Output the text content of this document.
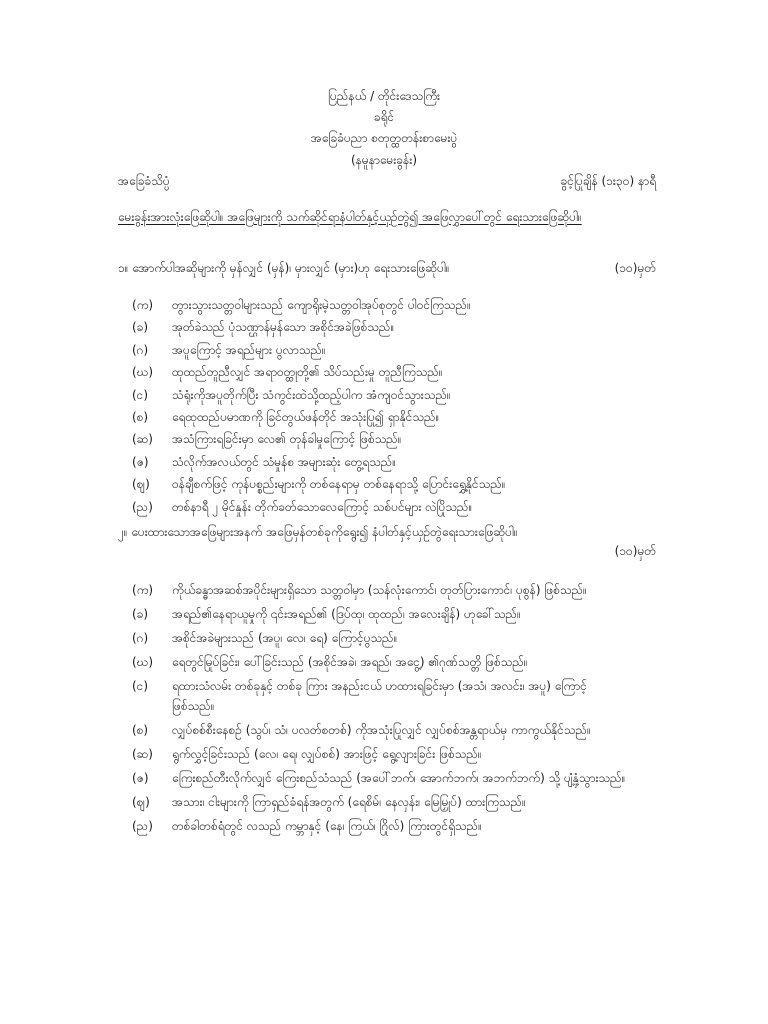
ပြည်နယ် / တိုင်းဒေသကြီး
ခရိုင်
အခြေခံပညာ စတုတ္ထတန်းစာမေးပွဲ
(နမူနာမေးခွန်း)
အခြေခံသိပ္ပံ	ခွင့်ပြုချိန် (၁း၃၀) နာရီ
မေးခွန်းအားလုံးဖြေဆိုပါ။ အဖြေများကို သက်ဆိုင်ရာနံပါတ်နှင့်ယှဉ်တွဲ၍ အဖြေလွှာပေါ်တွင် ရေးသားဖြေဆိုပါ။
၁။ အောက်ပါအဆိုများကို မှန်လျှင် (မှန်)၊ မှားလျှင် (မှား)ဟု ရေးသားဖြေဆိုပါ။	(၁၀)မှတ်
(က)	တွားသွားသတ္တဝါများသည် ကျောရိုးမဲ့သတ္တဝါအုပ်စုတွင် ပါဝင်ကြသည်။
(ခ)	အုတ်ခဲသည် ပုံသဏ္ဌာန်မှန်သော အစိုင်အခဲဖြစ်သည်။
(ဂ)	အပူကြောင့် အရည်များ ပွလာသည်။
(ဃ)	ထုထည်တူညီလျှင် အရာဝတ္ထုတို့၏ သိပ်သည်းမှု တူညီကြသည်။
(င)	သံရုံးကိုအပူတိုက်ပြီး သံကွင်းထဲသို့ထည့်ပါက အံကျဝင်သွားသည်။
(စ)	ရေထုထည်ပမာဏကို ခြင်တွယ်ဖန်တိုင် အသုံးပြု၍ ရှာနိုင်သည်။
(ဆ)	အသံကြားရခြင်းမှာ လေ၏ တုန်ခါမှုကြောင့် ဖြစ်သည်။
(ဇ)	သံလိုက်အလယ်တွင် သံမှုန်စ အများဆုံး တွေ့ရသည်။
(ဈ)	ဝန်ချီစက်ဖြင့် ကုန်ပစ္စည်းများကို တစ်နေရာမှ တစ်နေရာသို့ ပြောင်းရွှေ့နိုင်သည်။
(ည)	တစ်နာရီ ၂ မိုင်နှုန်း တိုက်ခတ်သောလေကြောင့် သစ်ပင်များ လဲပြိုသည်။
၂။ ပေးထားသောအဖြေများအနက် အဖြေမှန်တစ်ခုကိုရွေး၍ နံပါတ်နှင့်ယှဉ်တွဲရေးသားဖြေဆိုပါ။
(၁၀)မှတ်
(က)	ကိုယ်ခန္ဓာအဆစ်အပိုင်းများရှိသော သတ္တဝါမှာ (သန်လုံးကောင်၊ တုတ်ပြားကောင်၊ ပုစွန်) ဖြစ်သည်။
(ခ)	အရည်၏နေရာယူမှုကို ၎င်းအရည်၏ (ဒြပ်ထု၊ ထုထည်၊ အလေးချိန်) ဟုခေါ်သည်။
(ဂ)	အစိုင်အခဲများသည် (အပူ၊ လေ၊ ရေ) ကြောင့်ပွသည်။
(ဃ)	ရေတွင်မြုပ်ခြင်း၊ ပေါ်ခြင်းသည် (အစိုင်အခဲ၊ အရည်၊ အငွေ့) ၏ဂုဏ်သတ္တိ ဖြစ်သည်။
(င)	ရထားသံလမ်း တစ်ခုနှင့် တစ်ခု ကြား အနည်းငယ် ဟထားရခြင်းမှာ (အသံ၊ အလင်း၊ အပူ) ကြောင့် ဖြစ်သည်။
(စ)	လျှပ်စစ်စီးနေစဉ် (သွပ်၊ သံ၊ ပလတ်စတစ်) ကိုအသုံးပြုလျှင် လျှပ်စစ်အန္တရာယ်မှ ကာကွယ်နိုင်သည်။
(ဆ)	ရွက်လွှင့်ခြင်းသည် (လေ၊ ရေ၊ လျှပ်စစ်) အားဖြင့် ရွေ့လျားခြင်း ဖြစ်သည်။
(ဇ)	ကြေးစည်တီးလိုက်လျှင် ကြေးစည်သံသည် (အပေါ်ဘက်၊ အောက်ဘက်၊ အဘက်ဘက်) သို့ ပျံ့နှံ့သွားသည်။
(ဈ)	အသား၊ ငါးများကို ကြာရှည်ခံရန်အတွက် (ရေစိမ်၊ နေလှန်း၊ မြေမြှုပ်) ထားကြသည်။
(ည)	တစ်ခါတစ်ရံတွင် လသည် ကမ္ဘာနှင့် (နေ၊ ကြယ်၊ ဂြိုလ်) ကြားတွင်ရှိသည်။
